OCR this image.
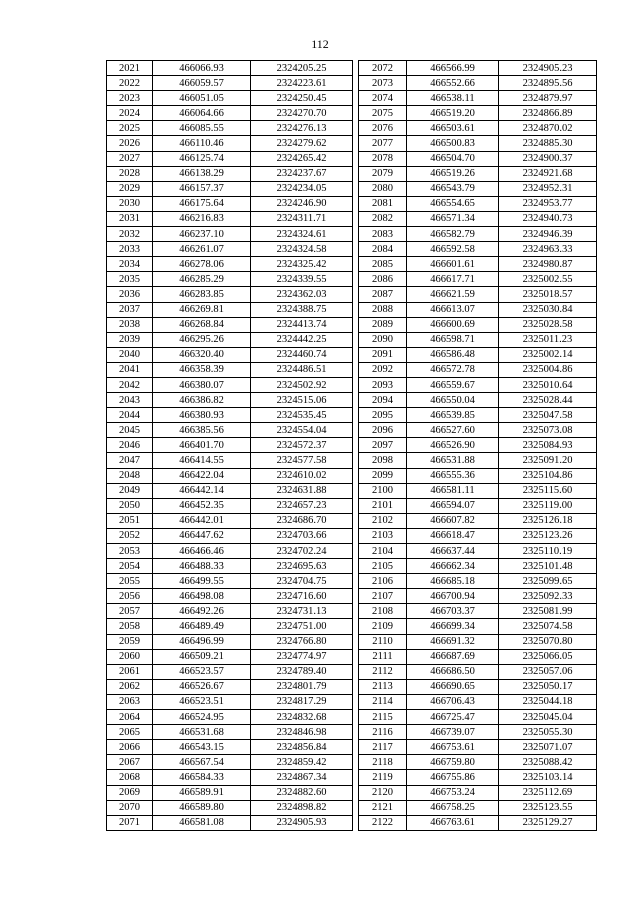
112
2021	466066.93	2324205.25
2022	466059.57	2324223.61
2023	466051.05	2324250.45
2024	466064.66	2324270.70
2025	466085.55	2324276.13
2026	466110.46	2324279.62
2027	466125.74	2324265.42
2028	466138.29	2324237.67
2029	466157.37	2324234.05
2030	466175.64	2324246.90
2031	466216.83	2324311.71
2032	466237.10	2324324.61
2033	466261.07	2324324.58
2034	466278.06	2324325.42
2035	466285.29	2324339.55
2036	466283.85	2324362.03
2037	466269.81	2324388.75
2038	466268.84	2324413.74
2039	466295.26	2324442.25
2040	466320.40	2324460.74
2041	466358.39	2324486.51
2042	466380.07	2324502.92
2043	466386.82	2324515.06
2044	466380.93	2324535.45
2045	466385.56	2324554.04
2046	466401.70	2324572.37
2047	466414.55	2324577.58
2048	466422.04	2324610.02
2049	466442.14	2324631.88
2050	466452.35	2324657.23
2051	466442.01	2324686.70
2052	466447.62	2324703.66
2053	466466.46	2324702.24
2054	466488.33	2324695.63
2055	466499.55	2324704.75
2056	466498.08	2324716.60
2057	466492.26	2324731.13
2058	466489.49	2324751.00
2059	466496.99	2324766.80
2060	466509.21	2324774.97
2061	466523.57	2324789.40
2062	466526.67	2324801.79
2063	466523.51	2324817.29
2064	466524.95	2324832.68
2065	466531.68	2324846.98
2066	466543.15	2324856.84
2067	466567.54	2324859.42
2068	466584.33	2324867.34
2069	466589.91	2324882.60
2070	466589.80	2324898.82
2071	466581.08	2324905.93
2072	466566.99	2324905.23
2073	466552.66	2324895.56
2074	466538.11	2324879.97
2075	466519.20	2324866.89
2076	466503.61	2324870.02
2077	466500.83	2324885.30
2078	466504.70	2324900.37
2079	466519.26	2324921.68
2080	466543.79	2324952.31
2081	466554.65	2324953.77
2082	466571.34	2324940.73
2083	466582.79	2324946.39
2084	466592.58	2324963.33
2085	466601.61	2324980.87
2086	466617.71	2325002.55
2087	466621.59	2325018.57
2088	466613.07	2325030.84
2089	466600.69	2325028.58
2090	466598.71	2325011.23
2091	466586.48	2325002.14
2092	466572.78	2325004.86
2093	466559.67	2325010.64
2094	466550.04	2325028.44
2095	466539.85	2325047.58
2096	466527.60	2325073.08
2097	466526.90	2325084.93
2098	466531.88	2325091.20
2099	466555.36	2325104.86
2100	466581.11	2325115.60
2101	466594.07	2325119.00
2102	466607.82	2325126.18
2103	466618.47	2325123.26
2104	466637.44	2325110.19
2105	466662.34	2325101.48
2106	466685.18	2325099.65
2107	466700.94	2325092.33
2108	466703.37	2325081.99
2109	466699.34	2325074.58
2110	466691.32	2325070.80
2111	466687.69	2325066.05
2112	466686.50	2325057.06
2113	466690.65	2325050.17
2114	466706.43	2325044.18
2115	466725.47	2325045.04
2116	466739.07	2325055.30
2117	466753.61	2325071.07
2118	466759.80	2325088.42
2119	466755.86	2325103.14
2120	466753.24	2325112.69
2121	466758.25	2325123.55
2122	466763.61	2325129.27
